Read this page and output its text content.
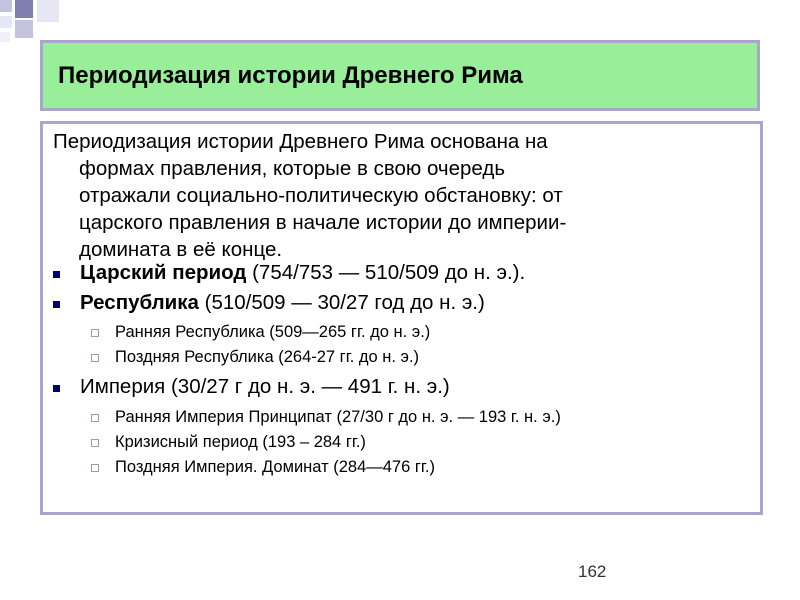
Периодизация истории Древнего Рима
Периодизация истории Древнего Рима основана на
формах правления, которые в свою очередь
отражали социально-политическую обстановку: от
царского правления в начале истории до империи-
домината в её конце.
Царский период (754/753 — 510/509 до н. э.).
Республика (510/509 — 30/27 год до н. э.)
Ранняя Республика (509—265 гг. до н. э.)
Поздняя Республика (264-27 гг. до н. э.)
Империя (30/27 г до н. э. — 491 г. н. э.)
Ранняя Империя Принципат (27/30 г до н. э. — 193 г. н. э.)
Кризисный период (193 – 284 гг.)
Поздняя Империя. Доминат (284—476 гг.)
162
